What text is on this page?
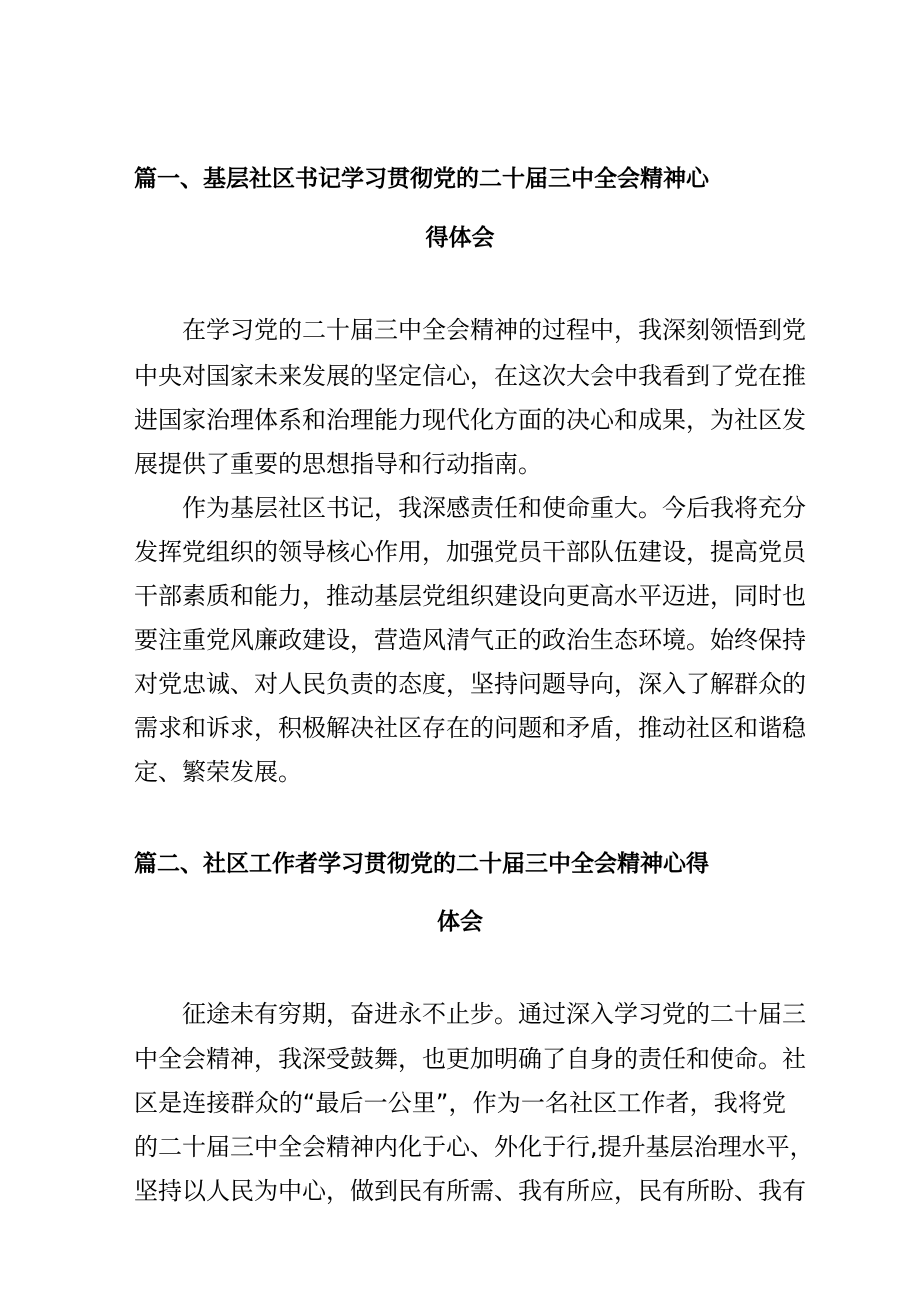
篇一、基层社区书记学习贯彻党的二十届三中全会精神心
得体会
在学习党的二十届三中全会精神的过程中，我深刻领悟到党
中央对国家未来发展的坚定信心，在这次大会中我看到了党在推
进国家治理体系和治理能力现代化方面的决心和成果，为社区发
展提供了重要的思想指导和行动指南。
作为基层社区书记，我深感责任和使命重大。今后我将充分
发挥党组织的领导核心作用，加强党员干部队伍建设，提高党员
干部素质和能力，推动基层党组织建设向更高水平迈进，同时也
要注重党风廉政建设，营造风清气正的政治生态环境。始终保持
对党忠诚、对人民负责的态度，坚持问题导向，深入了解群众的
需求和诉求，积极解决社区存在的问题和矛盾，推动社区和谐稳
定、繁荣发展。
篇二、社区工作者学习贯彻党的二十届三中全会精神心得
体会
征途未有穷期，奋进永不止步。通过深入学习党的二十届三
中全会精神，我深受鼓舞，也更加明确了自身的责任和使命。社
区是连接群众的“最后一公里”，作为一名社区工作者，我将党
的二十届三中全会精神内化于心、外化于行,提升基层治理水平，
坚持以人民为中心，做到民有所需、我有所应，民有所盼、我有
